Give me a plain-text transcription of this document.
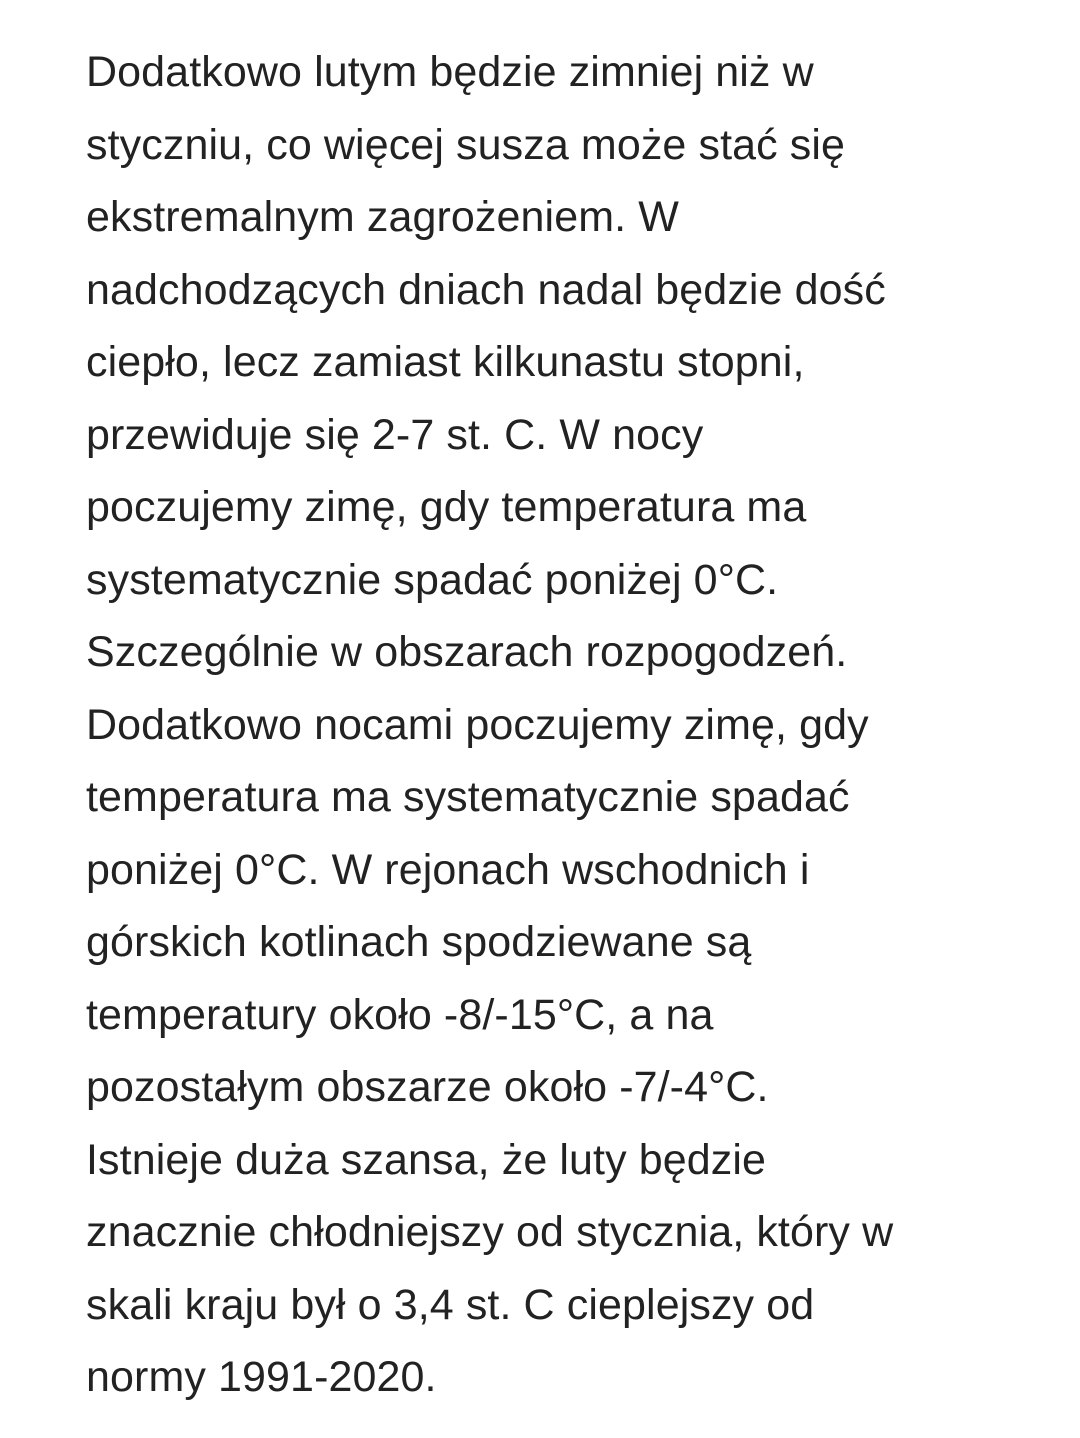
Dodatkowo lutym będzie zimniej niż w
styczniu, co więcej susza może stać się
ekstremalnym zagrożeniem. W
nadchodzących dniach nadal będzie dość
ciepło, lecz zamiast kilkunastu stopni,
przewiduje się 2-7 st. C. W nocy
poczujemy zimę, gdy temperatura ma
systematycznie spadać poniżej 0°C.
Szczególnie w obszarach rozpogodzeń.
Dodatkowo nocami poczujemy zimę, gdy
temperatura ma systematycznie spadać
poniżej 0°C. W rejonach wschodnich i
górskich kotlinach spodziewane są
temperatury około -8/-15°C, a na
pozostałym obszarze około -7/-4°C.
Istnieje duża szansa, że luty będzie
znacznie chłodniejszy od stycznia, który w
skali kraju był o 3,4 st. C cieplejszy od
normy 1991-2020.
